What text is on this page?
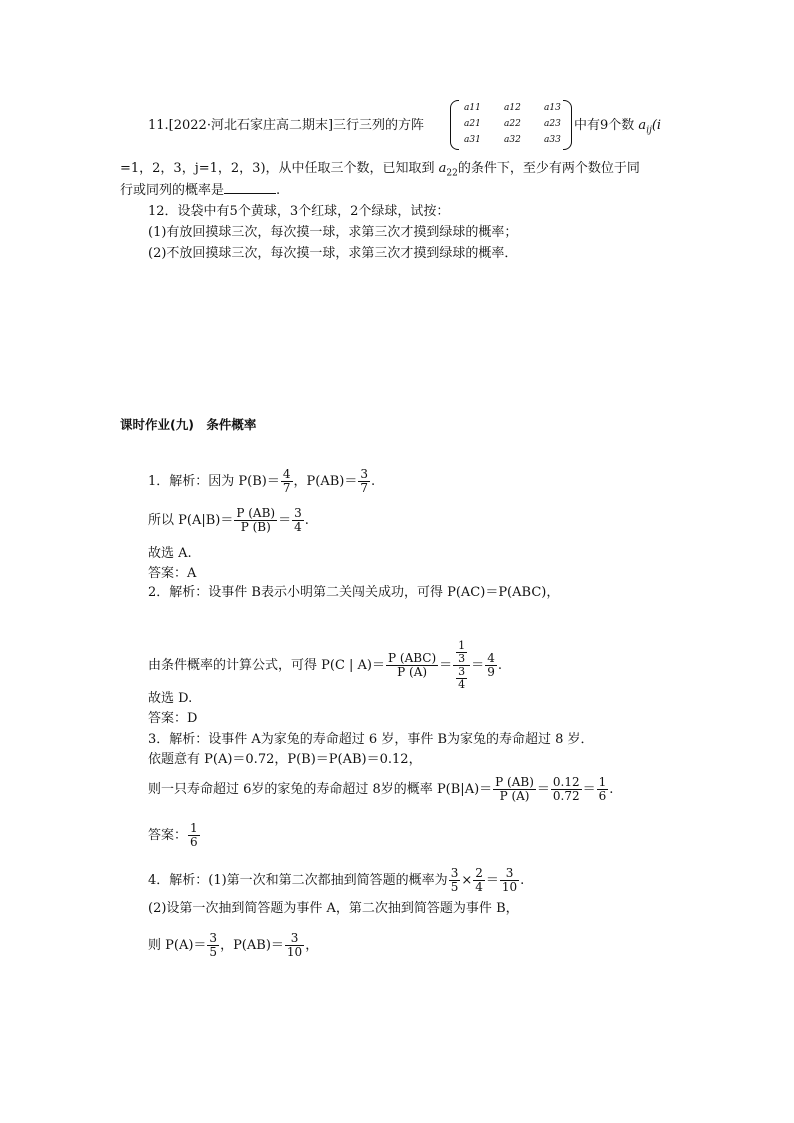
11.[2022·河北石家庄高二期末]三行三列的方阵
a11	a12	a13
a21	a22	a23
a31	a32	a33
中有9个数 $a_{ij}(i$
=1，2，3，j=1，2，3)，从中任取三个数，已知取到 $a_{22}$的条件下，至少有两个数位于同
行或同列的概率是	.
12．设袋中有5个黄球，3个红球，2个绿球，试按：
(1)有放回摸球三次，每次摸一球，求第三次才摸到绿球的概率；
(2)不放回摸球三次，每次摸一球，求第三次才摸到绿球的概率．
课时作业(九)　条件概率
1．解析：因为 $P(B)= \frac{4}{7}$ ，$P(AB)= \frac{3}{7}$ .
所以 $P(A|B)= \frac{P (AB)}{P (B)} = \frac{3}{4}$ .
故选 A.
答案：A
2．解析：设事件 B表示小明第二关闯关成功，可得 P(AC)＝P(ABC)，
由条件概率的计算公式，可得 P(C | $A)= \frac{\text{P (ABC)}}{P (A)} = \frac{\frac{1}{3}}{\frac{3}{4}} = \frac{4}{9}$ .
故选 D.
答案：D
3．解析：设事件 A为家兔的寿命超过 6 岁，事件 B为家兔的寿命超过 8 岁．
依题意有 P(A)＝0.72，P(B)＝P(AB)＝0.12，
则一只寿命超过 6岁的家兔的寿命超过 8岁的概率 $P(B|A)= \frac{P (AB)}{P (A)} = \frac{0.12}{0.72} = \frac{1}{6}$ .
答案： $\frac{1}{6}$
4．解析：(1)第一次和第二次都抽到简答题的概率为 $\frac{3}{5} \times \frac{2}{4} = \frac{3}{10}$ .
(2)设第一次抽到简答题为事件 A，第二次抽到简答题为事件 B，
则 $P(A)= \frac{3}{5}$ ，$P(AB)= \frac{3}{10}$ ，
